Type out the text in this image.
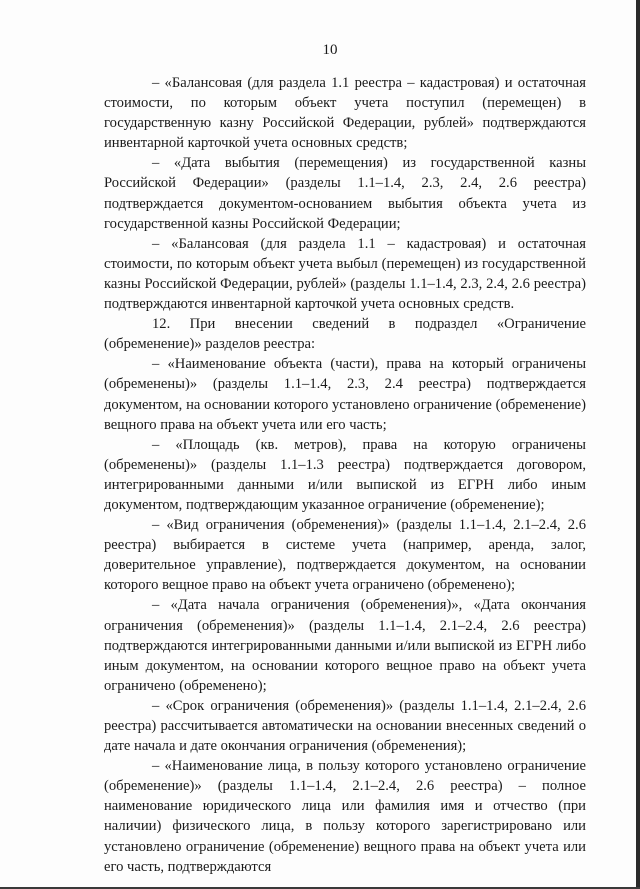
10

– «Балансовая (для раздела 1.1 реестра – кадастровая) и остаточная стоимости, по которым объект учета поступил (перемещен) в государственную казну Российской Федерации, рублей» подтверждаются инвентарной карточкой учета основных средств;

– «Дата выбытия (перемещения) из государственной казны Российской Федерации» (разделы 1.1–1.4, 2.3, 2.4, 2.6 реестра) подтверждается документом-основанием выбытия объекта учета из государственной казны Российской Федерации;

– «Балансовая (для раздела 1.1 – кадастровая) и остаточная стоимости, по которым объект учета выбыл (перемещен) из государственной казны Российской Федерации, рублей» (разделы 1.1–1.4, 2.3, 2.4, 2.6 реестра) подтверждаются инвентарной карточкой учета основных средств.

12. При внесении сведений в подраздел «Ограничение (обременение)» разделов реестра:

– «Наименование объекта (части), права на который ограничены (обременены)» (разделы 1.1–1.4, 2.3, 2.4 реестра) подтверждается документом, на основании которого установлено ограничение (обременение) вещного права на объект учета или его часть;

– «Площадь (кв. метров), права на которую ограничены (обременены)» (разделы 1.1–1.3 реестра) подтверждается договором, интегрированными данными и/или выпиской из ЕГРН либо иным документом, подтверждающим указанное ограничение (обременение);

– «Вид ограничения (обременения)» (разделы 1.1–1.4, 2.1–2.4, 2.6 реестра) выбирается в системе учета (например, аренда, залог, доверительное управление), подтверждается документом, на основании которого вещное право на объект учета ограничено (обременено);

– «Дата начала ограничения (обременения)», «Дата окончания ограничения (обременения)» (разделы 1.1–1.4, 2.1–2.4, 2.6 реестра) подтверждаются интегрированными данными и/или выпиской из ЕГРН либо иным документом, на основании которого вещное право на объект учета ограничено (обременено);

– «Срок ограничения (обременения)» (разделы 1.1–1.4, 2.1–2.4, 2.6 реестра) рассчитывается автоматически на основании внесенных сведений о дате начала и дате окончания ограничения (обременения);

– «Наименование лица, в пользу которого установлено ограничение (обременение)» (разделы 1.1–1.4, 2.1–2.4, 2.6 реестра) – полное наименование юридического лица или фамилия имя и отчество (при наличии) физического лица, в пользу которого зарегистрировано или установлено ограничение (обременение) вещного права на объект учета или его часть, подтверждаются
